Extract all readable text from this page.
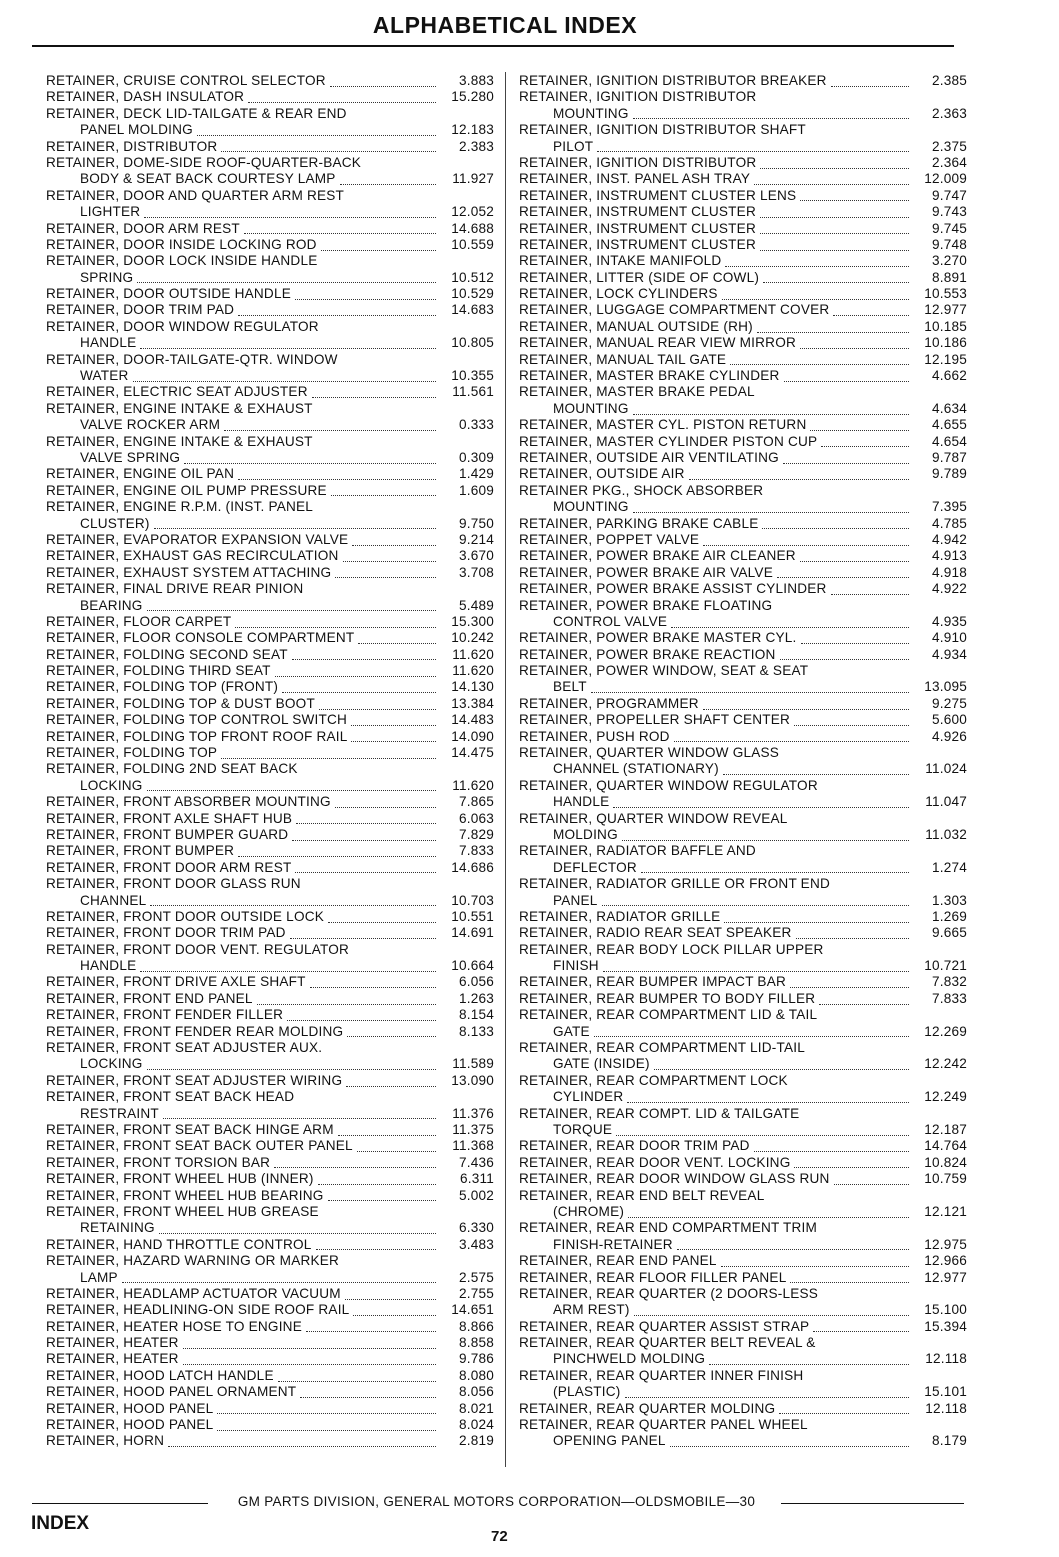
ALPHABETICAL INDEX
RETAINER, CRUISE CONTROL SELECTOR	3.883
RETAINER, DASH INSULATOR	15.280
RETAINER, DECK LID-TAILGATE & REAR END
PANEL MOLDING	12.183
RETAINER, DISTRIBUTOR	2.383
RETAINER, DOME-SIDE ROOF-QUARTER-BACK
BODY & SEAT BACK COURTESY LAMP	11.927
RETAINER, DOOR AND QUARTER ARM REST
LIGHTER	12.052
RETAINER, DOOR ARM REST	14.688
RETAINER, DOOR INSIDE LOCKING ROD	10.559
RETAINER, DOOR LOCK INSIDE HANDLE
SPRING	10.512
RETAINER, DOOR OUTSIDE HANDLE	10.529
RETAINER, DOOR TRIM PAD	14.683
RETAINER, DOOR WINDOW REGULATOR
HANDLE	10.805
RETAINER, DOOR-TAILGATE-QTR. WINDOW
WATER	10.355
RETAINER, ELECTRIC SEAT ADJUSTER	11.561
RETAINER, ENGINE INTAKE & EXHAUST
VALVE ROCKER ARM	0.333
RETAINER, ENGINE INTAKE & EXHAUST
VALVE SPRING	0.309
RETAINER, ENGINE OIL PAN	1.429
RETAINER, ENGINE OIL PUMP PRESSURE	1.609
RETAINER, ENGINE R.P.M. (INST. PANEL
CLUSTER)	9.750
RETAINER, EVAPORATOR EXPANSION VALVE	9.214
RETAINER, EXHAUST GAS RECIRCULATION	3.670
RETAINER, EXHAUST SYSTEM ATTACHING	3.708
RETAINER, FINAL DRIVE REAR PINION
BEARING	5.489
RETAINER, FLOOR CARPET	15.300
RETAINER, FLOOR CONSOLE COMPARTMENT	10.242
RETAINER, FOLDING SECOND SEAT	11.620
RETAINER, FOLDING THIRD SEAT	11.620
RETAINER, FOLDING TOP (FRONT)	14.130
RETAINER, FOLDING TOP & DUST BOOT	13.384
RETAINER, FOLDING TOP CONTROL SWITCH	14.483
RETAINER, FOLDING TOP FRONT ROOF RAIL	14.090
RETAINER, FOLDING TOP	14.475
RETAINER, FOLDING 2ND SEAT BACK
LOCKING	11.620
RETAINER, FRONT ABSORBER MOUNTING	7.865
RETAINER, FRONT AXLE SHAFT HUB	6.063
RETAINER, FRONT BUMPER GUARD	7.829
RETAINER, FRONT BUMPER	7.833
RETAINER, FRONT DOOR ARM REST	14.686
RETAINER, FRONT DOOR GLASS RUN
CHANNEL	10.703
RETAINER, FRONT DOOR OUTSIDE LOCK	10.551
RETAINER, FRONT DOOR TRIM PAD	14.691
RETAINER, FRONT DOOR VENT. REGULATOR
HANDLE	10.664
RETAINER, FRONT DRIVE AXLE SHAFT	6.056
RETAINER, FRONT END PANEL	1.263
RETAINER, FRONT FENDER FILLER	8.154
RETAINER, FRONT FENDER REAR MOLDING	8.133
RETAINER, FRONT SEAT ADJUSTER AUX.
LOCKING	11.589
RETAINER, FRONT SEAT ADJUSTER WIRING	13.090
RETAINER, FRONT SEAT BACK HEAD
RESTRAINT	11.376
RETAINER, FRONT SEAT BACK HINGE ARM	11.375
RETAINER, FRONT SEAT BACK OUTER PANEL	11.368
RETAINER, FRONT TORSION BAR	7.436
RETAINER, FRONT WHEEL HUB (INNER)	6.311
RETAINER, FRONT WHEEL HUB BEARING	5.002
RETAINER, FRONT WHEEL HUB GREASE
RETAINING	6.330
RETAINER, HAND THROTTLE CONTROL	3.483
RETAINER, HAZARD WARNING OR MARKER
LAMP	2.575
RETAINER, HEADLAMP ACTUATOR VACUUM	2.755
RETAINER, HEADLINING-ON SIDE ROOF RAIL	14.651
RETAINER, HEATER HOSE TO ENGINE	8.866
RETAINER, HEATER	8.858
RETAINER, HEATER	9.786
RETAINER, HOOD LATCH HANDLE	8.080
RETAINER, HOOD PANEL ORNAMENT	8.056
RETAINER, HOOD PANEL	8.021
RETAINER, HOOD PANEL	8.024
RETAINER, HORN	2.819
RETAINER, IGNITION DISTRIBUTOR BREAKER	2.385
RETAINER, IGNITION DISTRIBUTOR
MOUNTING	2.363
RETAINER, IGNITION DISTRIBUTOR SHAFT
PILOT	2.375
RETAINER, IGNITION DISTRIBUTOR	2.364
RETAINER, INST. PANEL ASH TRAY	12.009
RETAINER, INSTRUMENT CLUSTER LENS	9.747
RETAINER, INSTRUMENT CLUSTER	9.743
RETAINER, INSTRUMENT CLUSTER	9.745
RETAINER, INSTRUMENT CLUSTER	9.748
RETAINER, INTAKE MANIFOLD	3.270
RETAINER, LITTER (SIDE OF COWL)	8.891
RETAINER, LOCK CYLINDERS	10.553
RETAINER, LUGGAGE COMPARTMENT COVER	12.977
RETAINER, MANUAL OUTSIDE (RH)	10.185
RETAINER, MANUAL REAR VIEW MIRROR	10.186
RETAINER, MANUAL TAIL GATE	12.195
RETAINER, MASTER BRAKE CYLINDER	4.662
RETAINER, MASTER BRAKE PEDAL
MOUNTING	4.634
RETAINER, MASTER CYL. PISTON RETURN	4.655
RETAINER, MASTER CYLINDER PISTON CUP	4.654
RETAINER, OUTSIDE AIR VENTILATING	9.787
RETAINER, OUTSIDE AIR	9.789
RETAINER PKG., SHOCK ABSORBER
MOUNTING	7.395
RETAINER, PARKING BRAKE CABLE	4.785
RETAINER, POPPET VALVE	4.942
RETAINER, POWER BRAKE AIR CLEANER	4.913
RETAINER, POWER BRAKE AIR VALVE	4.918
RETAINER, POWER BRAKE ASSIST CYLINDER	4.922
RETAINER, POWER BRAKE FLOATING
CONTROL VALVE	4.935
RETAINER, POWER BRAKE MASTER CYL.	4.910
RETAINER, POWER BRAKE REACTION	4.934
RETAINER, POWER WINDOW, SEAT & SEAT
BELT	13.095
RETAINER, PROGRAMMER	9.275
RETAINER, PROPELLER SHAFT CENTER	5.600
RETAINER, PUSH ROD	4.926
RETAINER, QUARTER WINDOW GLASS
CHANNEL (STATIONARY)	11.024
RETAINER, QUARTER WINDOW REGULATOR
HANDLE	11.047
RETAINER, QUARTER WINDOW REVEAL
MOLDING	11.032
RETAINER, RADIATOR BAFFLE AND
DEFLECTOR	1.274
RETAINER, RADIATOR GRILLE OR FRONT END
PANEL	1.303
RETAINER, RADIATOR GRILLE	1.269
RETAINER, RADIO REAR SEAT SPEAKER	9.665
RETAINER, REAR BODY LOCK PILLAR UPPER
FINISH	10.721
RETAINER, REAR BUMPER IMPACT BAR	7.832
RETAINER, REAR BUMPER TO BODY FILLER	7.833
RETAINER, REAR COMPARTMENT LID & TAIL
GATE	12.269
RETAINER, REAR COMPARTMENT LID-TAIL
GATE (INSIDE)	12.242
RETAINER, REAR COMPARTMENT LOCK
CYLINDER	12.249
RETAINER, REAR COMPT. LID & TAILGATE
TORQUE	12.187
RETAINER, REAR DOOR TRIM PAD	14.764
RETAINER, REAR DOOR VENT. LOCKING	10.824
RETAINER, REAR DOOR WINDOW GLASS RUN	10.759
RETAINER, REAR END BELT REVEAL
(CHROME)	12.121
RETAINER, REAR END COMPARTMENT TRIM
FINISH-RETAINER	12.975
RETAINER, REAR END PANEL	12.966
RETAINER, REAR FLOOR FILLER PANEL	12.977
RETAINER, REAR QUARTER (2 DOORS-LESS
ARM REST)	15.100
RETAINER, REAR QUARTER ASSIST STRAP	15.394
RETAINER, REAR QUARTER BELT REVEAL &
PINCHWELD MOLDING	12.118
RETAINER, REAR QUARTER INNER FINISH
(PLASTIC)	15.101
RETAINER, REAR QUARTER MOLDING	12.118
RETAINER, REAR QUARTER PANEL WHEEL
OPENING PANEL	8.179
GM PARTS DIVISION, GENERAL MOTORS CORPORATION—OLDSMOBILE—30
INDEX
72
